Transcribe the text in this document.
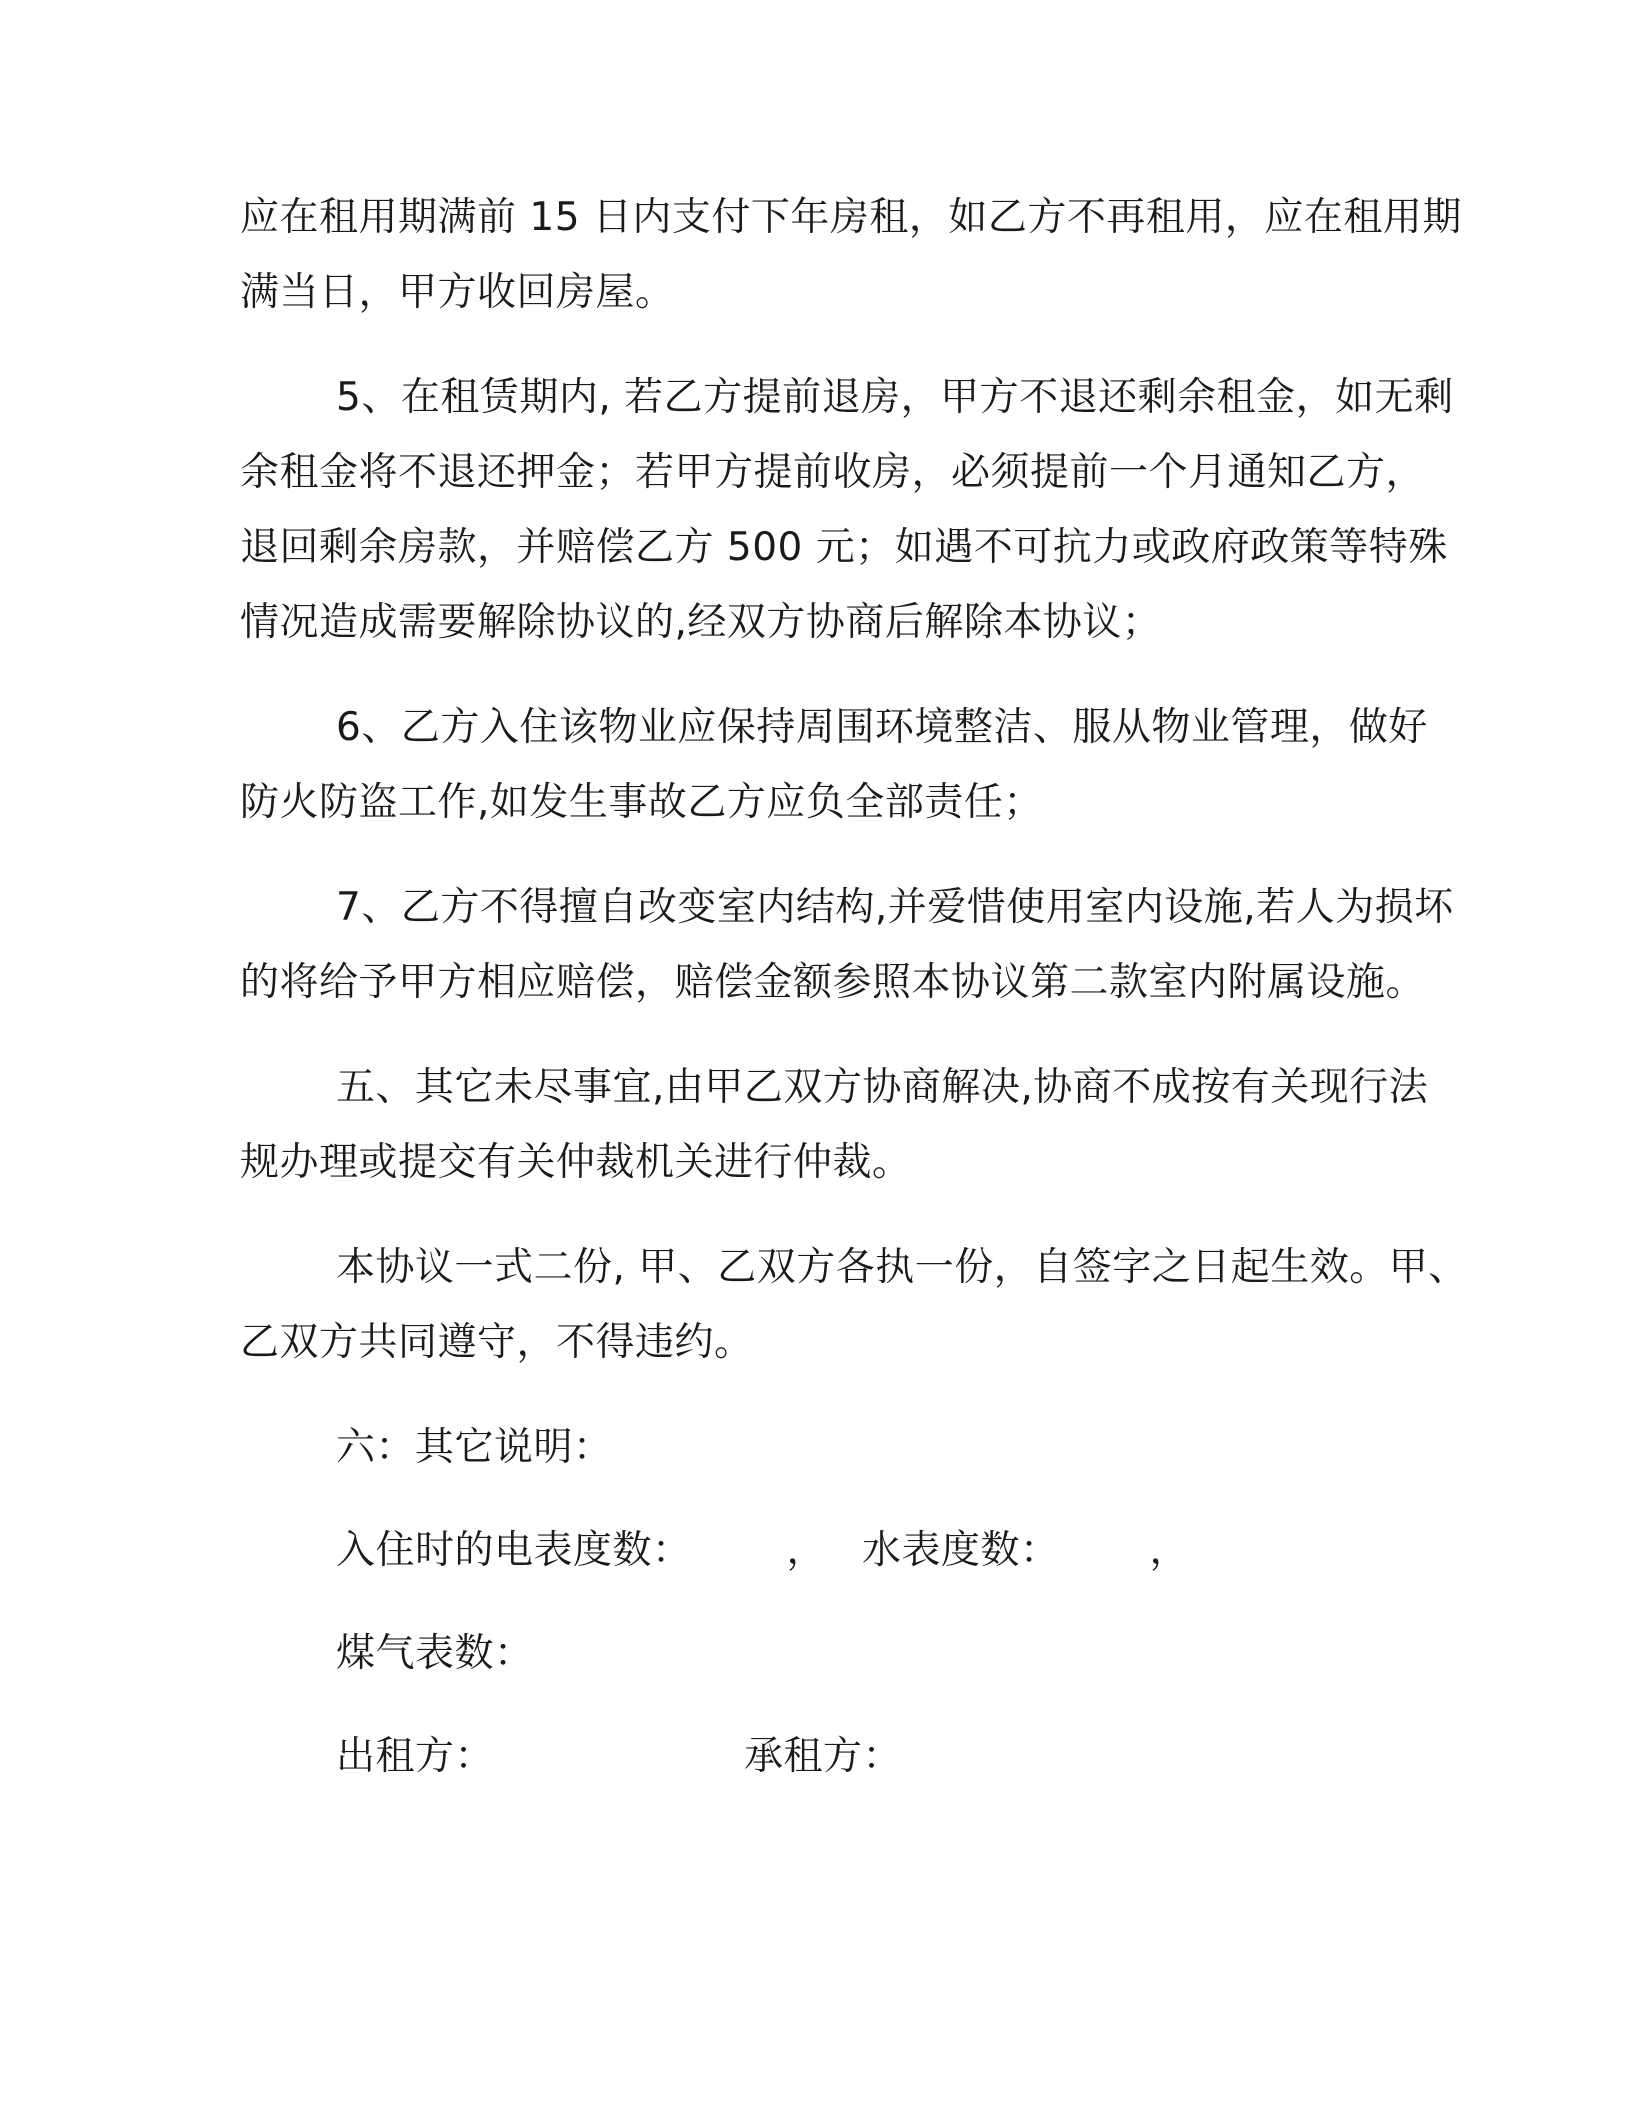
应在租用期满前 15 日内支付下年房租，如乙方不再租用，应在租用期

满当日，甲方收回房屋。

5、在租赁期内, 若乙方提前退房，甲方不退还剩余租金，如无剩

余租金将不退还押金；若甲方提前收房，必须提前一个月通知乙方，

退回剩余房款，并赔偿乙方 500 元；如遇不可抗力或政府政策等特殊

情况造成需要解除协议的,经双方协商后解除本协议；

6、乙方入住该物业应保持周围环境整洁、服从物业管理，做好

防火防盗工作,如发生事故乙方应负全部责任；

7、乙方不得擅自改变室内结构,并爱惜使用室内设施,若人为损坏

的将给予甲方相应赔偿，赔偿金额参照本协议第二款室内附属设施。

五、其它未尽事宜,由甲乙双方协商解决,协商不成按有关现行法

规办理或提交有关仲裁机关进行仲裁。

本协议一式二份, 甲、乙双方各执一份，自签字之日起生效。甲、

乙双方共同遵守，不得违约。

六：其它说明：

入住时的电表度数： ， 水表度数： ，

煤气表数：

出租方：	承租方：
